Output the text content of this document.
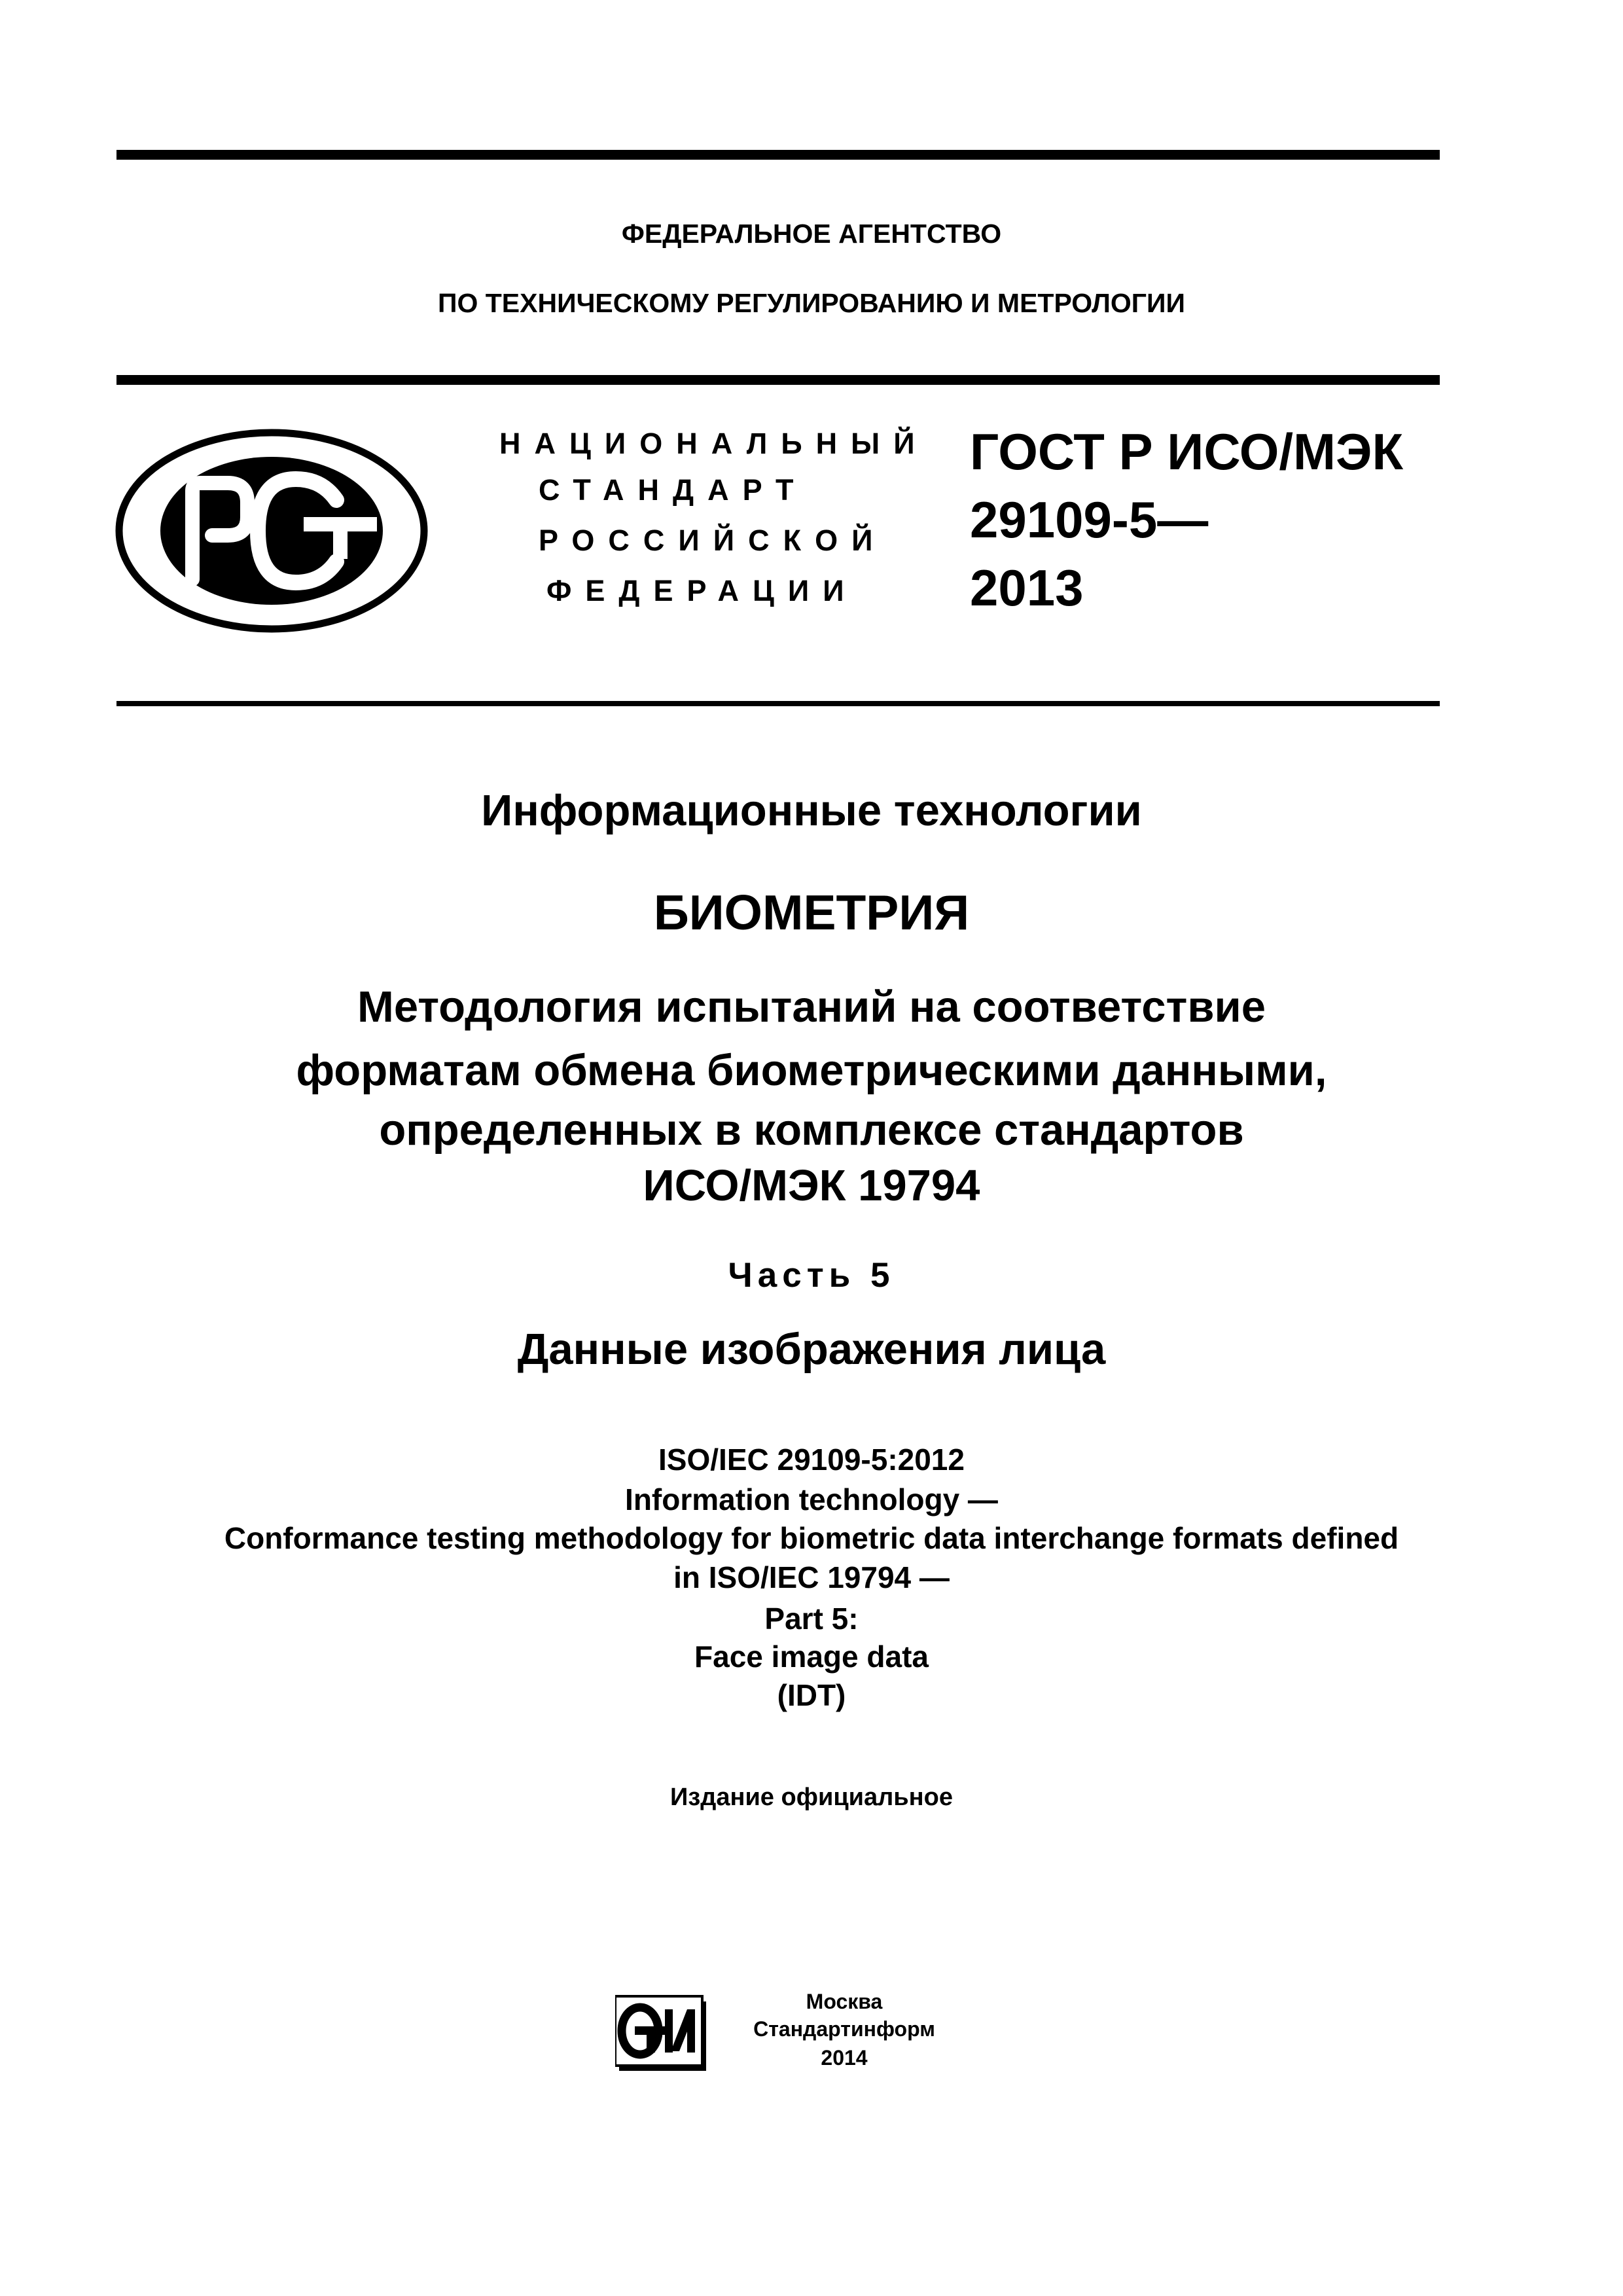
ФЕДЕРАЛЬНОЕ АГЕНТСТВО
ПО ТЕХНИЧЕСКОМУ РЕГУЛИРОВАНИЮ И МЕТРОЛОГИИ
НАЦИОНАЛЬНЫЙ
СТАНДАРТ
РОССИЙСКОЙ
ФЕДЕРАЦИИ
ГОСТ Р ИСО/МЭК
29109-5—
2013
Информационные технологии
БИОМЕТРИЯ
Методология испытаний на соответствие
форматам обмена биометрическими данными,
определенных в комплексе стандартов
ИСО/МЭК 19794
Часть 5
Данные изображения лица
ISO/IEC 29109-5:2012
Information technology —
Conformance testing methodology for biometric data interchange formats defined
in ISO/IEC 19794 —
Part 5:
Face image data
(IDT)
Издание официальное
Москва
Стандартинформ
2014
